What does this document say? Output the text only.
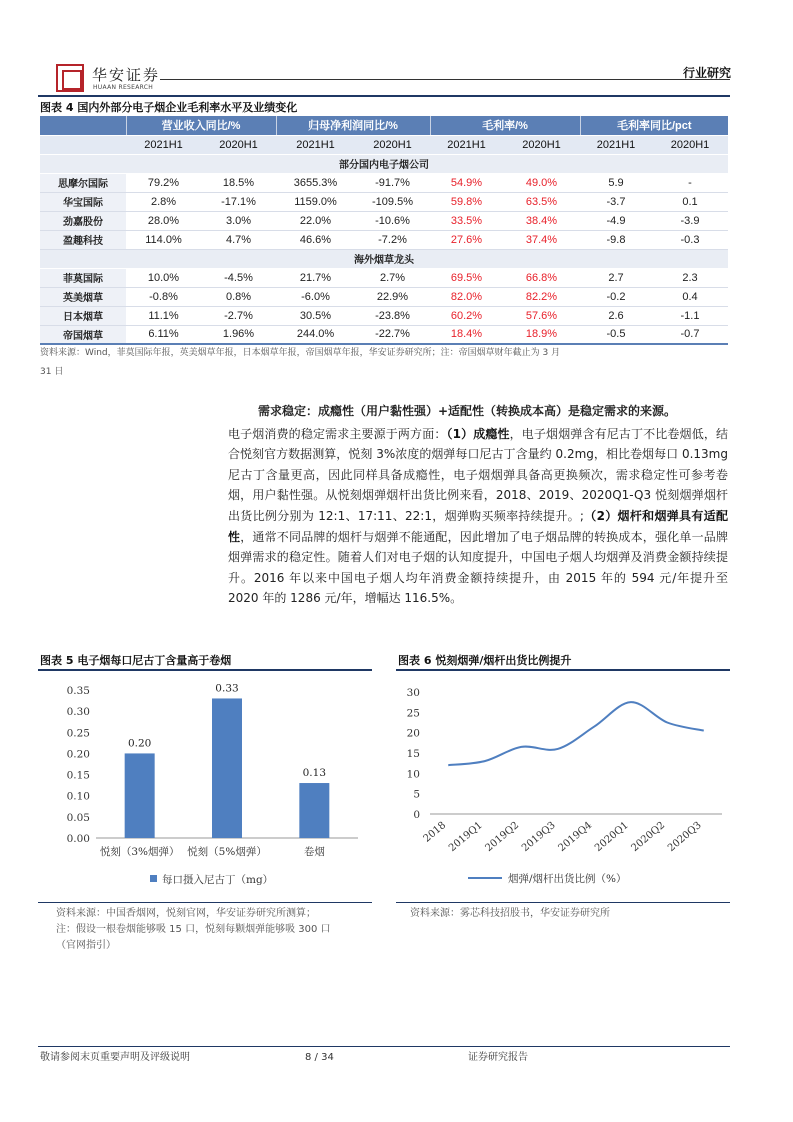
华安证券
HUAAN RESEARCH
行业研究
图表 4 国内外部分电子烟企业毛利率水平及业绩变化
	营业收入同比/%		归母净利润同比/%		毛利率/%		毛利率同比/pct	
	2021H1	2020H1	2021H1	2020H1	2021H1	2020H1	2021H1	2020H1
部分国内电子烟公司								
思摩尔国际	79.2%	18.5%	3655.3%	-91.7%	54.9%	49.0%	5.9	-
华宝国际	2.8%	-17.1%	1159.0%	-109.5%	59.8%	63.5%	-3.7	0.1
劲嘉股份	28.0%	3.0%	22.0%	-10.6%	33.5%	38.4%	-4.9	-3.9
盈趣科技	114.0%	4.7%	46.6%	-7.2%	27.6%	37.4%	-9.8	-0.3
海外烟草龙头								
菲莫国际	10.0%	-4.5%	21.7%	2.7%	69.5%	66.8%	2.7	2.3
英美烟草	-0.8%	0.8%	-6.0%	22.9%	82.0%	82.2%	-0.2	0.4
日本烟草	11.1%	-2.7%	30.5%	-23.8%	60.2%	57.6%	2.6	-1.1
帝国烟草	6.11%	1.96%	244.0%	-22.7%	18.4%	18.9%	-0.5	-0.7
资料来源：Wind，菲莫国际年报，英美烟草年报，日本烟草年报，帝国烟草年报，华安证券研究所；注：帝国烟草财年截止为 3 月
31 日
需求稳定：成瘾性（用户黏性强）+适配性（转换成本高）是稳定需求的来源。
电子烟消费的稳定需求主要源于两方面：（1）成瘾性，电子烟烟弹含有尼古丁不比卷烟低，结合悦刻官方数据测算，悦刻 3%浓度的烟弹每口尼古丁含量约 0.2mg，相比卷烟每口 0.13mg 尼古丁含量更高，因此同样具备成瘾性，电子烟烟弹具备高更换频次，需求稳定性可参考卷烟，用户黏性强。从悦刻烟弹烟杆出货比例来看，2018、2019、2020Q1-Q3 悦刻烟弹烟杆出货比例分别为 12:1、17:11、22:1，烟弹购买频率持续提升。;（2）烟杆和烟弹具有适配性，通常不同品牌的烟杆与烟弹不能通配，因此增加了电子烟品牌的转换成本，强化单一品牌烟弹需求的稳定性。随着人们对电子烟的认知度提升，中国电子烟人均烟弹及消费金额持续提升。2016 年以来中国电子烟人均年消费金额持续提升，由 2015 年的 594 元/年提升至 2020 年的 1286 元/年，增幅达 116.5%。
图表 5 电子烟每口尼古丁含量高于卷烟
0.00
0.05
0.10
0.15
0.20
0.25
0.30
0.35
0.20
悦刻（3%烟弹）
0.33
悦刻（5%烟弹）
0.13
卷烟
每口摄入尼古丁（mg）
资料来源：中国香烟网，悦刻官网，华安证券研究所测算；
注：假设一根卷烟能够吸 15 口，悦刻每颗烟弹能够吸 300 口
（官网指引）
图表 6 悦刻烟弹/烟杆出货比例提升
0
5
10
15
20
25
30
2018
2019Q1
2019Q2
2019Q3
2019Q4
2020Q1
2020Q2
2020Q3
烟弹/烟杆出货比例（%）
资料来源：雾芯科技招股书，华安证券研究所
敬请参阅末页重要声明及评级说明	8 / 34	证券研究报告
